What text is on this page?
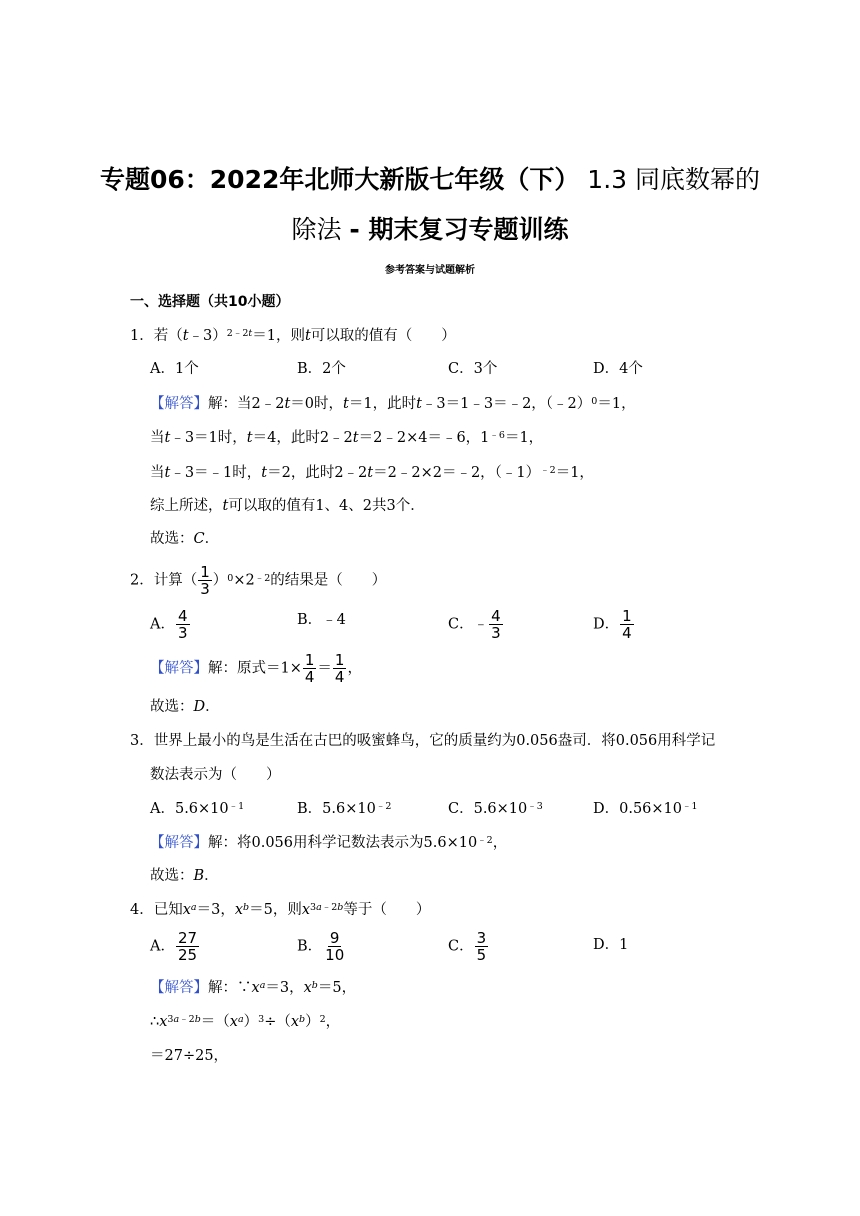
专题06：2022年北师大新版七年级（下） 1.3 同底数幂的除法 - 期末复习专题训练
参考答案与试题解析
一、选择题（共10小题）
1．若（t﹣3）$^{2﹣2t}$＝1，则t可以取的值有（　　）
A．1个	B．2个	C．3个	D．4个
【解答】解：当2﹣2t＝0时，t＝1，此时t﹣3＝1﹣3＝﹣2，（﹣2）$^0$＝1，
当t﹣3＝1时，t＝4，此时2﹣2t＝2﹣2×4＝﹣6，$1^{﹣6}=1$，
当t﹣3＝﹣1时，t＝2，此时2﹣2t＝2﹣2×2＝﹣2，（﹣1）$^{﹣2}$＝1，
综上所述，t可以取的值有1、4、2共3个．
故选：C．
2．计算（ $\frac{1}{3} )^0\times 2^{﹣2}$的结果是（　　）
A． $\frac{4}{3}$	B．﹣4	C．﹣ $\frac{4}{3}$	D． $\frac{1}{4}$
【解答】解：原式$=1\times \frac{1}{4} = \frac{1}{4}$ ，
故选：D．
3．世界上最小的鸟是生活在古巴的吸蜜蜂鸟，它的质量约为0.056盎司．将0.056用科学记
数法表示为（　　）
A．$5.6\times 10^{﹣1}$	B．$5.6\times 10^{﹣2}$	C．$5.6\times 10^{﹣3}$	D．$0.56\times 10^{﹣1}$
【解答】解：将0.056用科学记数法表示为$5.6\times 10^{﹣2}$，
故选：B．
4．已知$x^a=3$，$x^b=5$，则$x^{3a﹣2b}$等于（　　）
A． $\frac{27}{25}$	B． $\frac{9}{10}$	C． $\frac{3}{5}$	D．1
【解答】解：$\because x^a=3$，$x^b=5$，
$\therefore x^{3a﹣2b}=(x^a)^3\div(x^b)^2$，
＝27÷25，
